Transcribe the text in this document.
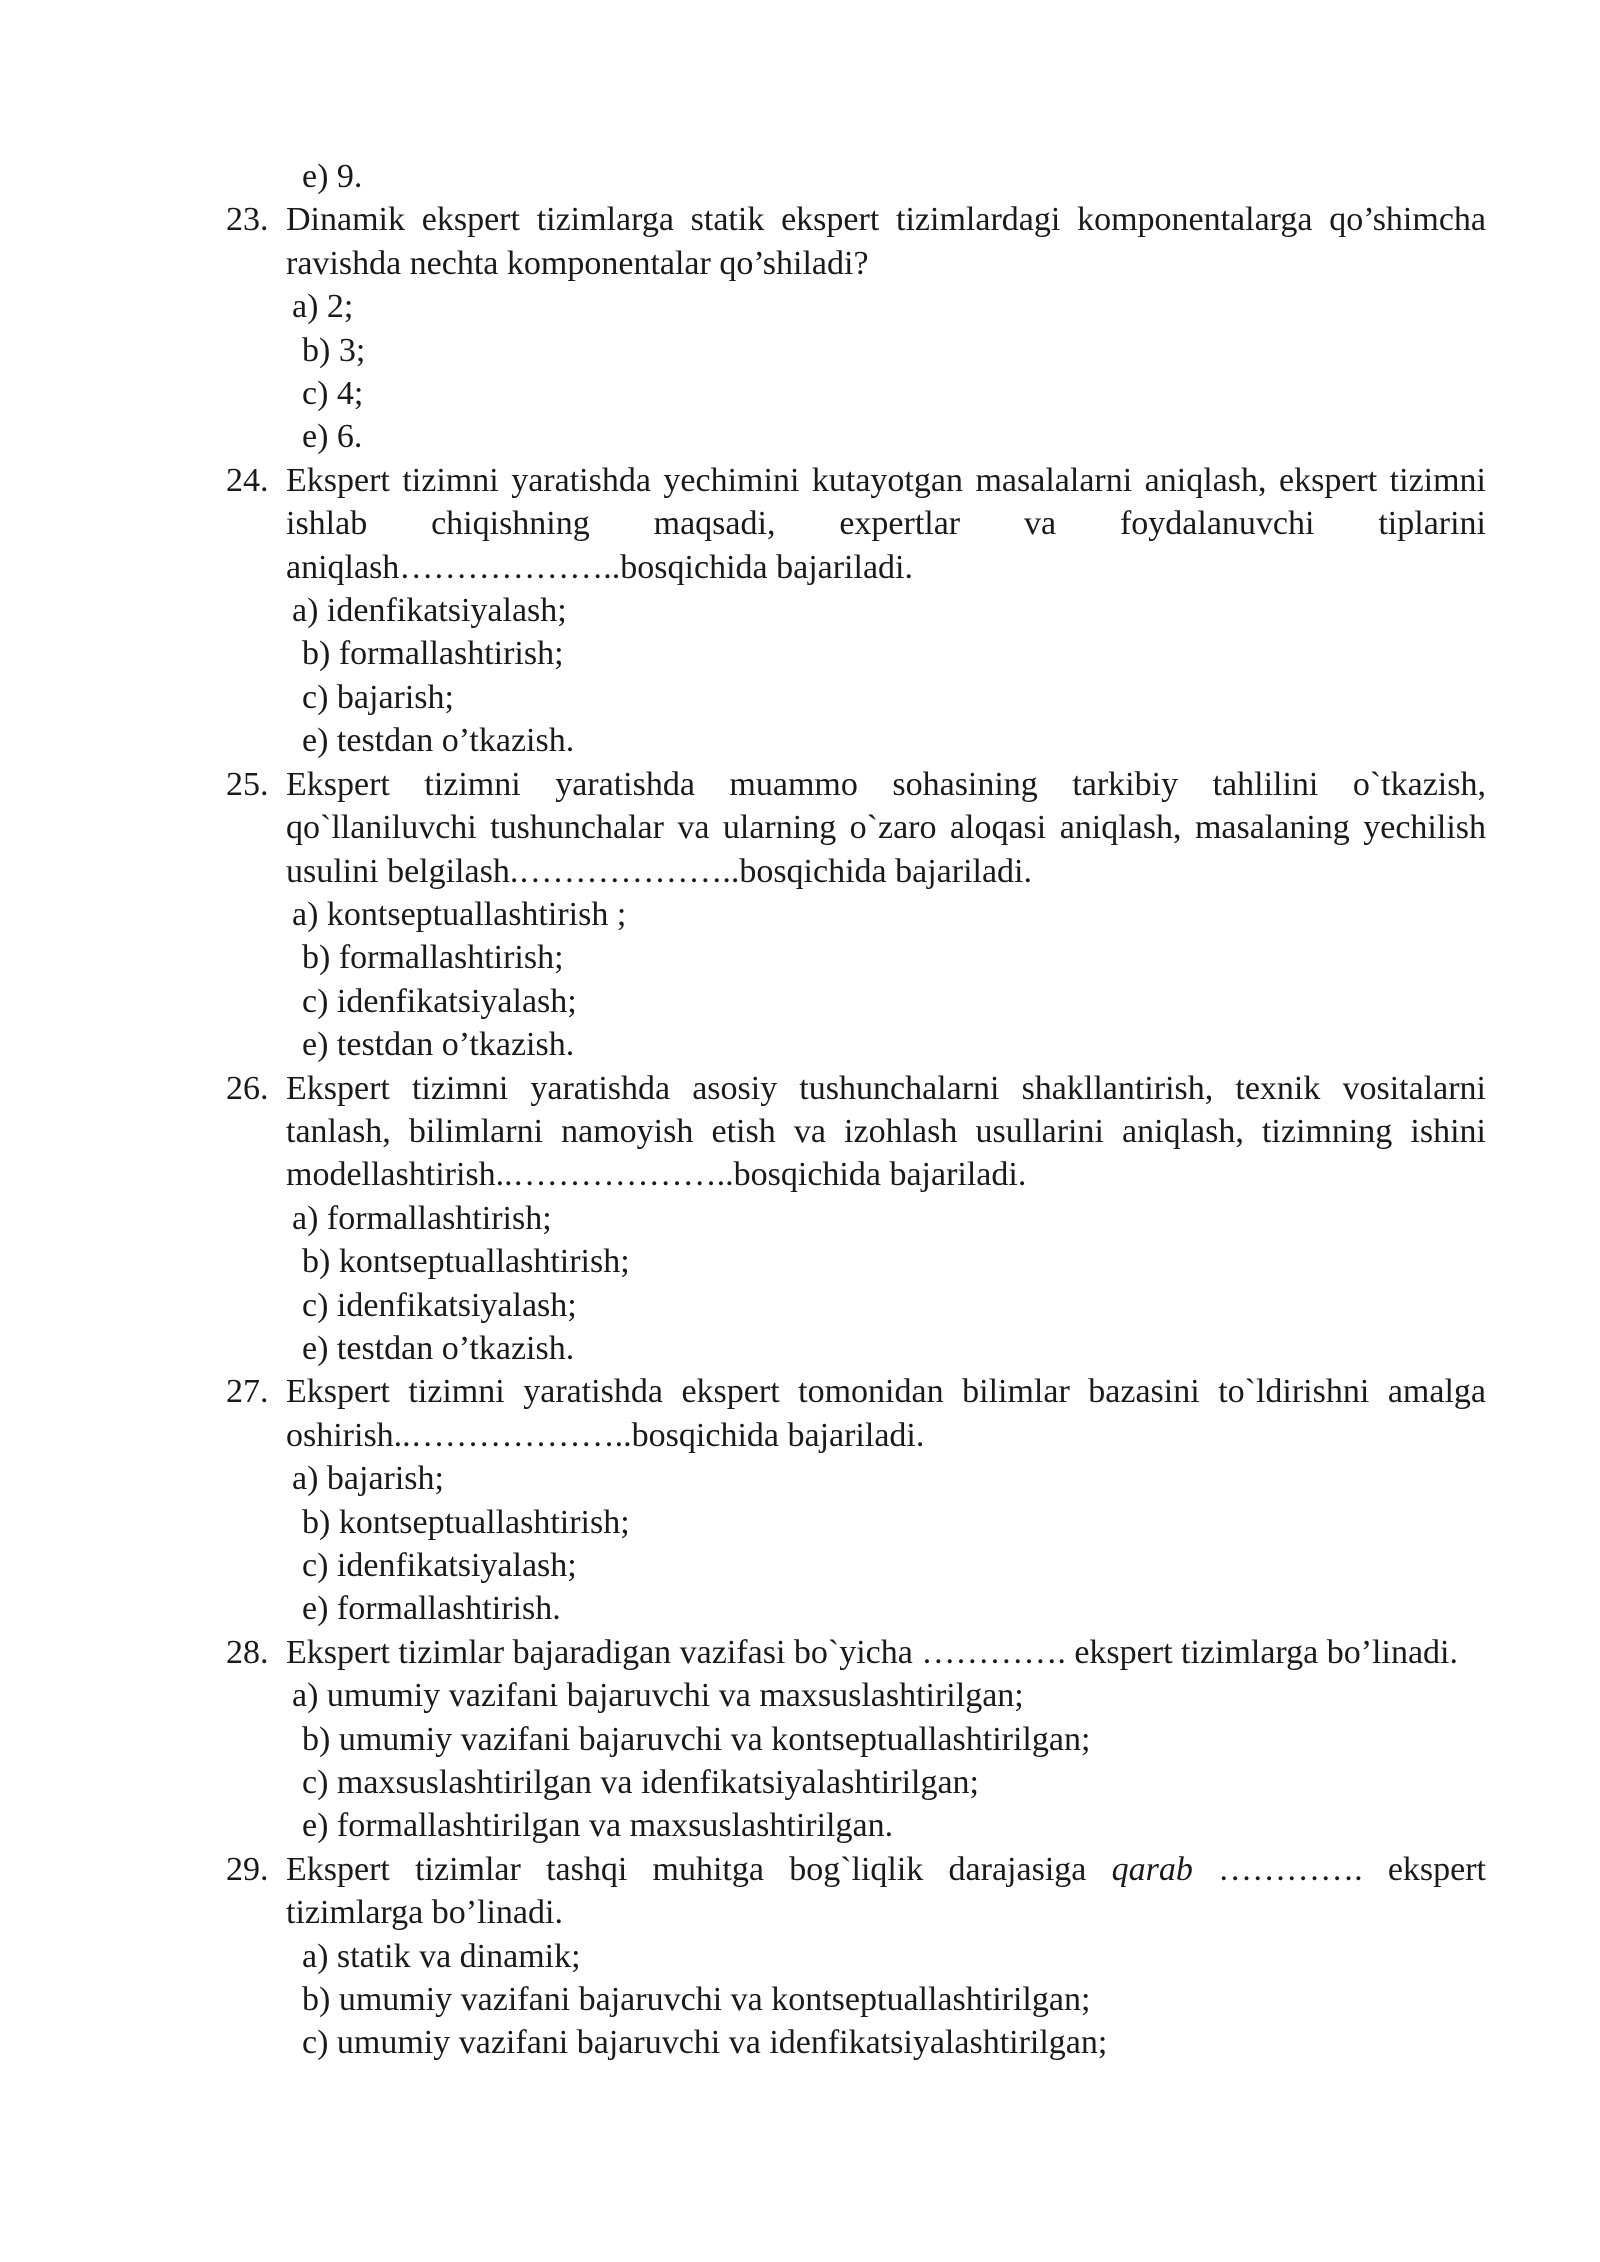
e) 9.
23. Dinamik ekspert tizimlarga statik ekspert tizimlardagi komponentalarga qo’shimcha ravishda nechta komponentalar qo’shiladi?
a) 2;
b) 3;
c) 4;
e) 6.
24. Ekspert tizimni yaratishda yechimini kutayotgan masalalarni aniqlash, ekspert tizimni ishlab chiqishning maqsadi, expertlar va foydalanuvchi tiplarini aniqlash………………..bosqichida bajariladi.
a) idenfikatsiyalash;
b) formallashtirish;
c) bajarish;
e) testdan o’tkazish.
25. Ekspert tizimni yaratishda muammo sohasining tarkibiy tahlilini o`tkazish, qo`llaniluvchi tushunchalar va ularning o`zaro aloqasi aniqlash, masalaning yechilish usulini belgilash.………………..bosqichida bajariladi.
a) kontseptuallashtirish ;
b) formallashtirish;
c) idenfikatsiyalash;
e) testdan o’tkazish.
26. Ekspert tizimni yaratishda asosiy tushunchalarni shakllantirish, texnik vositalarni tanlash, bilimlarni namoyish etish va izohlash usullarini aniqlash, tizimning ishini modellashtirish..………………..bosqichida bajariladi.
a) formallashtirish;
b) kontseptuallashtirish;
c) idenfikatsiyalash;
e) testdan o’tkazish.
27. Ekspert tizimni yaratishda ekspert tomonidan bilimlar bazasini to`ldirishni amalga oshirish..………………..bosqichida bajariladi.
a) bajarish;
b) kontseptuallashtirish;
c) idenfikatsiyalash;
e) formallashtirish.
28. Ekspert tizimlar bajaradigan vazifasi bo`yicha …………. ekspert tizimlarga bo’linadi.
a) umumiy vazifani bajaruvchi va maxsuslashtirilgan;
b) umumiy vazifani bajaruvchi va kontseptuallashtirilgan;
c) maxsuslashtirilgan va idenfikatsiyalashtirilgan;
e) formallashtirilgan va maxsuslashtirilgan.
29. Ekspert tizimlar tashqi muhitga bog`liqlik darajasiga qarab …………. ekspert tizimlarga bo’linadi.
a) statik va dinamik;
b) umumiy vazifani bajaruvchi va kontseptuallashtirilgan;
c) umumiy vazifani bajaruvchi va idenfikatsiyalashtirilgan;
